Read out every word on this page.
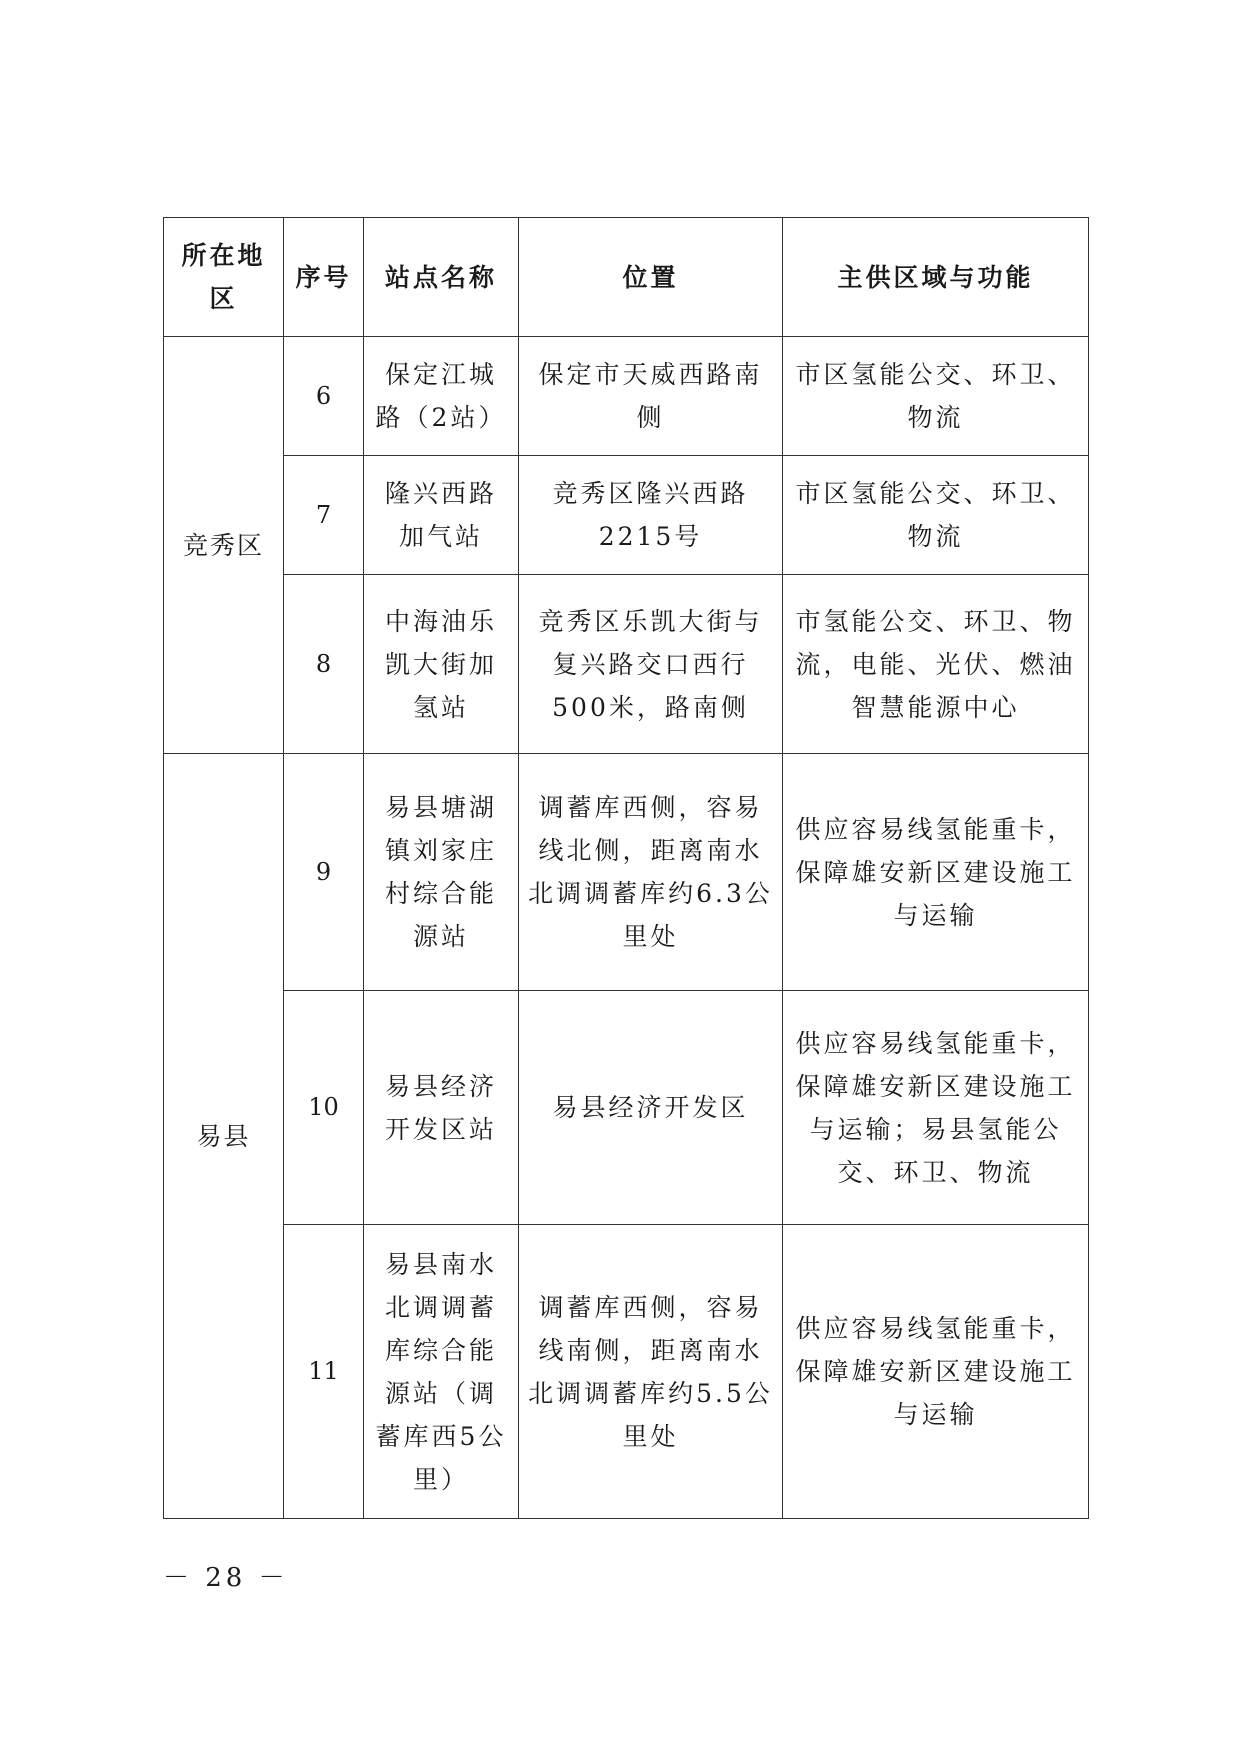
所在地区	序号	站点名称	位置	主供区域与功能
竞秀区	6	保定江城路（2站）	保定市天威西路南侧	市区氢能公交、环卫、物流
	7	隆兴西路加气站	竞秀区隆兴西路2215号	市区氢能公交、环卫、物流
	8	中海油乐凯大街加氢站	竞秀区乐凯大街与复兴路交口西行500米，路南侧	市氢能公交、环卫、物流，电能、光伏、燃油智慧能源中心
易县	9	易县塘湖镇刘家庄村综合能源站	调蓄库西侧，容易线北侧，距离南水北调调蓄库约6.3公里处	供应容易线氢能重卡，保障雄安新区建设施工与运输
	10	易县经济开发区站	易县经济开发区	供应容易线氢能重卡，保障雄安新区建设施工与运输；易县氢能公交、环卫、物流
	11	易县南水北调调蓄库综合能源站（调蓄库西5公里）	调蓄库西侧，容易线南侧，距离南水北调调蓄库约5.5公里处	供应容易线氢能重卡，保障雄安新区建设施工与运输
－ 28 －
